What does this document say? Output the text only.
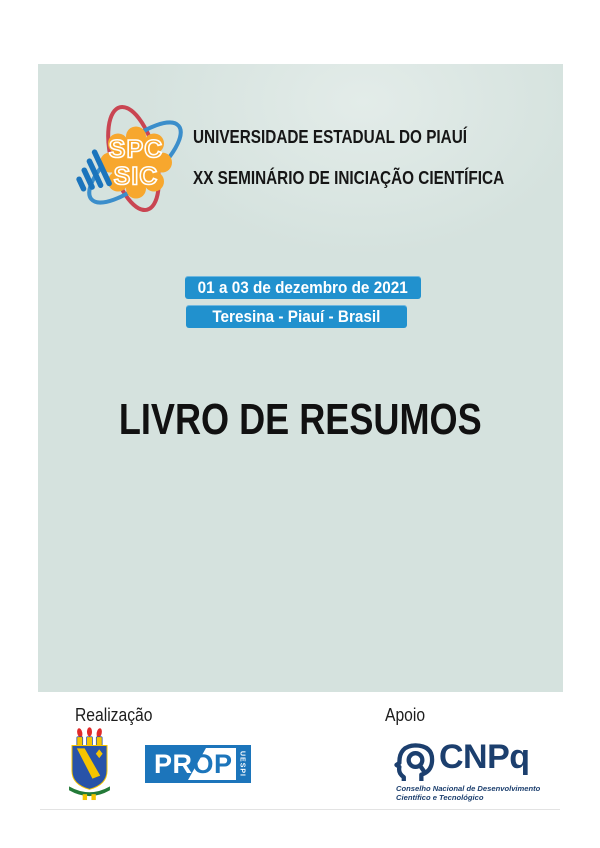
SPC
SIC
UNIVERSIDADE ESTADUAL DO PIAUÍ
XX SEMINÁRIO DE INICIAÇÃO CIENTÍFICA
01 a 03 de dezembro de 2021
Teresina - Piauí - Brasil
LIVRO DE RESUMOS
Realização	Apoio
PROP UESPI	CNPq
Conselho Nacional de Desenvolvimento
Científico e Tecnológico
